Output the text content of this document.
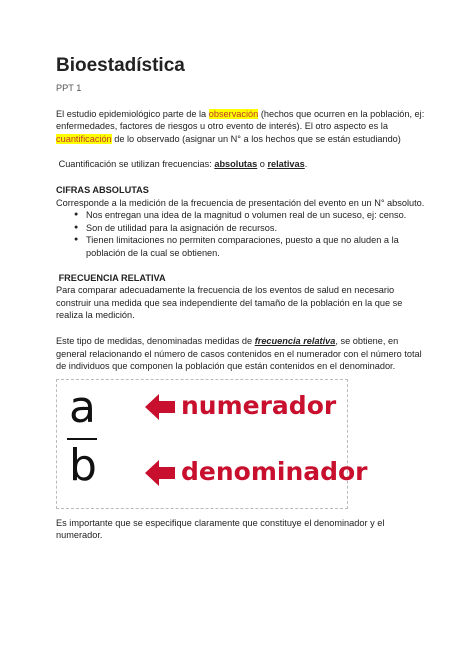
Bioestadística

PPT 1

El estudio epidemiológico parte de la observación (hechos que ocurren en la población, ej:
enfermedades, factores de riesgos u otro evento de interés). El otro aspecto es la
cuantificación de lo observado (asignar un N° a los hechos que se están estudiando)

Cuantificación se utilizan frecuencias: absolutas o relativas.

CIFRAS ABSOLUTAS

Corresponde a la medición de la frecuencia de presentación del evento en un N° absoluto.

● Nos entregan una idea de la magnitud o volumen real de un suceso, ej: censo.
● Son de utilidad para la asignación de recursos.
● Tienen limitaciones no permiten comparaciones, puesto a que no aluden a la población de la cual se obtienen.

FRECUENCIA RELATIVA

Para comparar adecuadamente la frecuencia de los eventos de salud en necesario construir una medida que sea independiente del tamaño de la población en la que se realiza la medición.

Este tipo de medidas, denominadas medidas de frecuencia relativa, se obtiene, en general relacionando el número de casos contenidos en el numerador con el número total de individuos que componen la población que están contenidos en el denominador.

a
b
numerador
denominador

Es importante que se especifique claramente que constituye el denominador y el numerador.
